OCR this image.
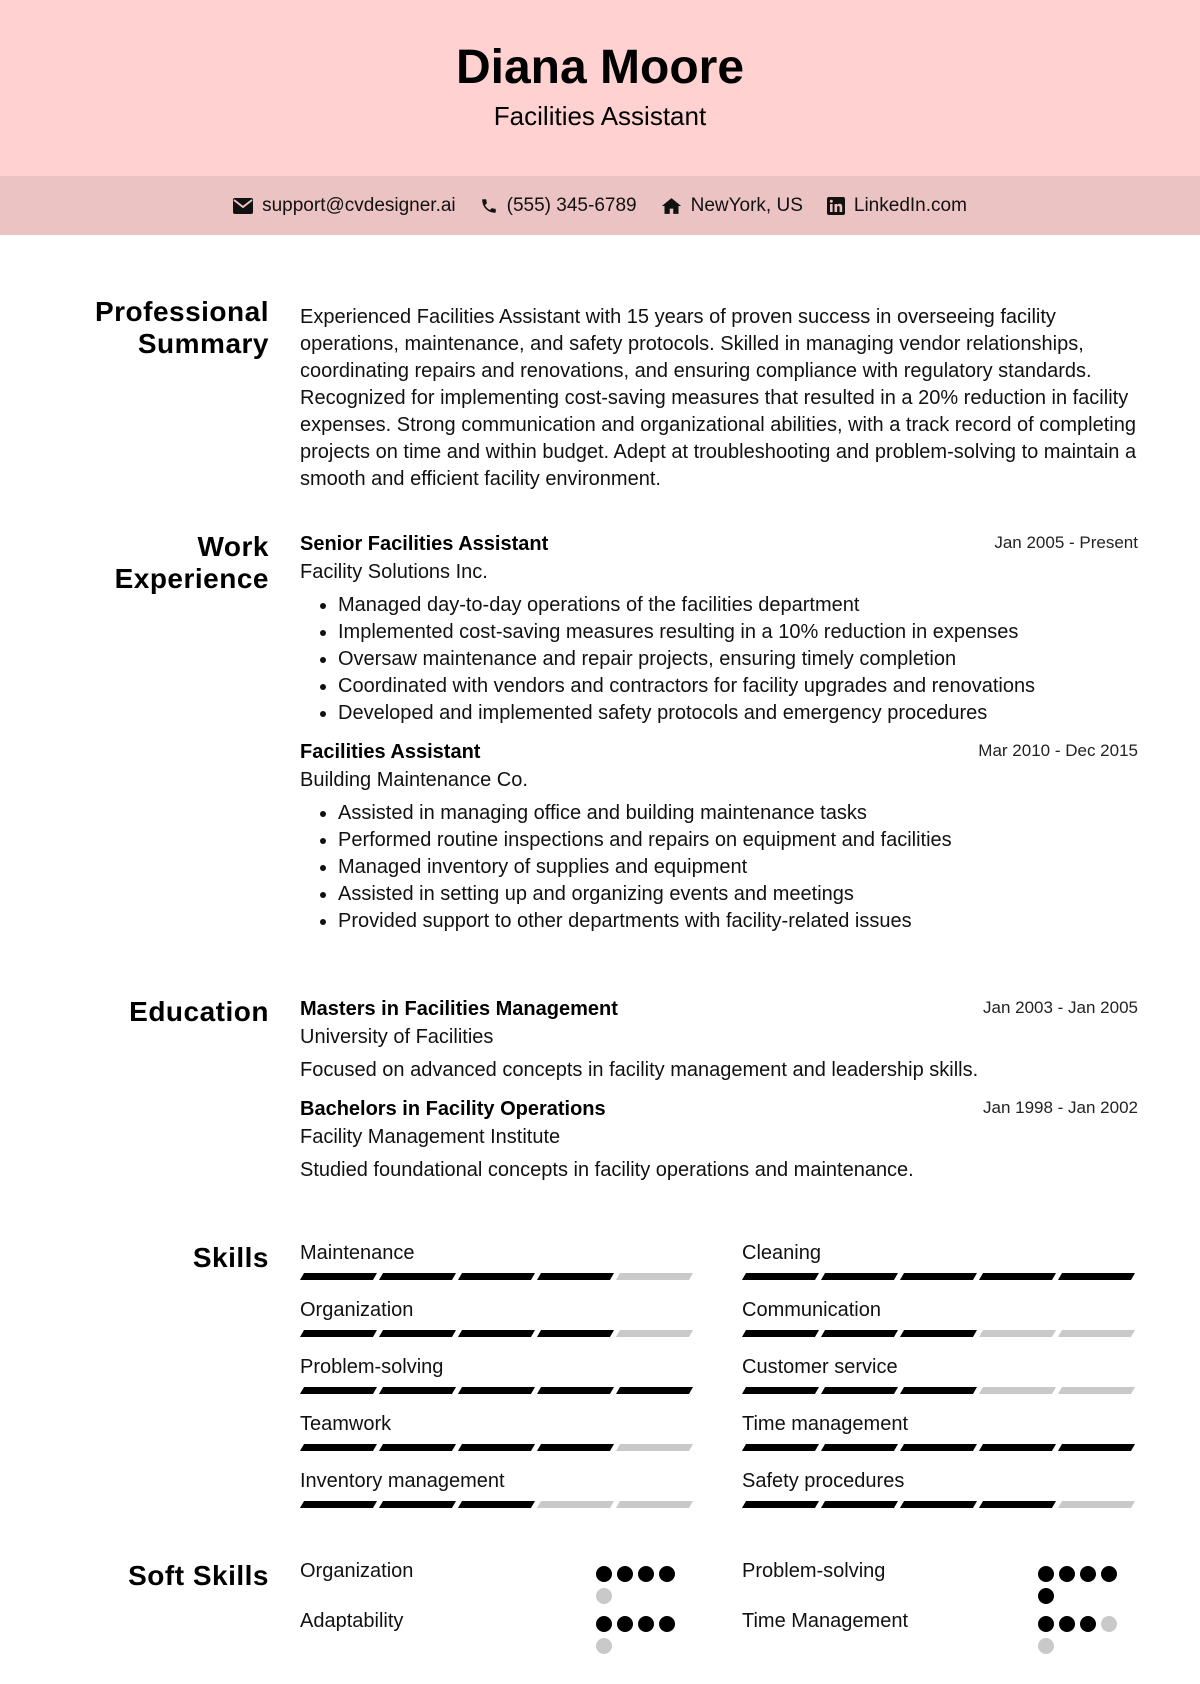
Diana Moore
Facilities Assistant
support@cvdesigner.ai	(555) 345-6789	NewYork, US	LinkedIn.com
Professional
Summary

Experienced Facilities Assistant with 15 years of proven success in overseeing facility operations, maintenance, and safety protocols. Skilled in managing vendor relationships, coordinating repairs and renovations, and ensuring compliance with regulatory standards. Recognized for implementing cost-saving measures that resulted in a 20% reduction in facility expenses. Strong communication and organizational abilities, with a track record of completing projects on time and within budget. Adept at troubleshooting and problem-solving to maintain a smooth and efficient facility environment.

Work
Experience
Senior Facilities Assistant	Jan 2005 - Present
Facility Solutions Inc.
• Managed day-to-day operations of the facilities department
• Implemented cost-saving measures resulting in a 10% reduction in expenses
• Oversaw maintenance and repair projects, ensuring timely completion
• Coordinated with vendors and contractors for facility upgrades and renovations
• Developed and implemented safety protocols and emergency procedures
Facilities Assistant	Mar 2010 - Dec 2015
Building Maintenance Co.
• Assisted in managing office and building maintenance tasks
• Performed routine inspections and repairs on equipment and facilities
• Managed inventory of supplies and equipment
• Assisted in setting up and organizing events and meetings
• Provided support to other departments with facility-related issues
Education Masters in Facilities Management	Jan 2003 - Jan 2005
University of Facilities
Focused on advanced concepts in facility management and leadership skills.
Bachelors in Facility Operations	Jan 1998 - Jan 2002
Facility Management Institute
Studied foundational concepts in facility operations and maintenance.
Skills Maintenance	Cleaning
Organization	Communication
Problem-solving	Customer service
Teamwork	Time management
Inventory management	Safety procedures
Soft Skills Organization	Problem-solving
Adaptability	Time Management
